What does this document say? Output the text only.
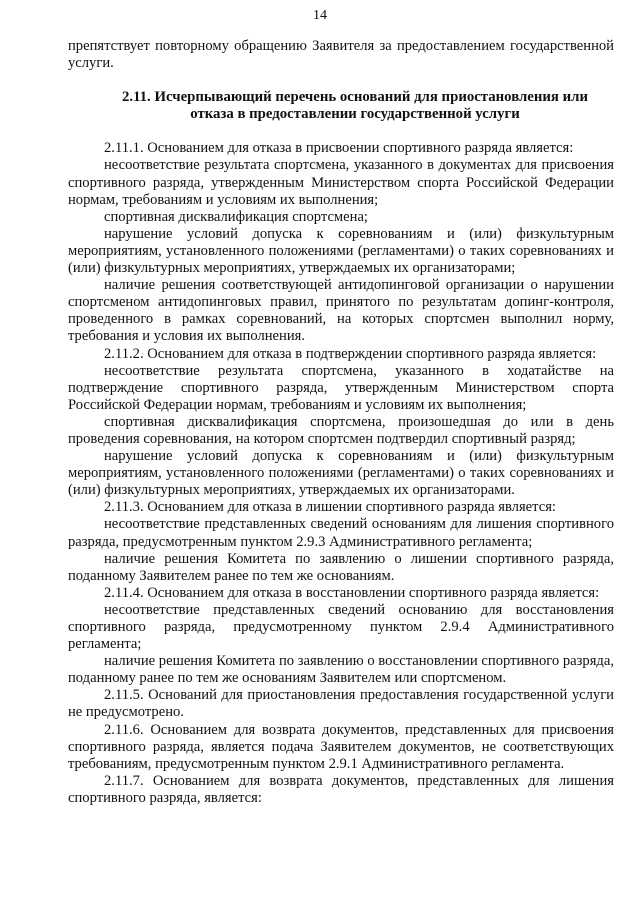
14

препятствует повторному обращению Заявителя за предоставлением государственной услуги.

2.11. Исчерпывающий перечень оснований для приостановления или отказа в предоставлении государственной услуги

2.11.1. Основанием для отказа в присвоении спортивного разряда является:

несоответствие результата спортсмена, указанного в документах для присвоения спортивного разряда, утвержденным Министерством спорта Российской Федерации нормам, требованиям и условиям их выполнения;

спортивная дисквалификация спортсмена;

нарушение условий допуска к соревнованиям и (или) физкультурным мероприятиям, установленного положениями (регламентами) о таких соревнованиях и (или) физкультурных мероприятиях, утверждаемых их организаторами;

наличие решения соответствующей антидопинговой организации о нарушении спортсменом антидопинговых правил, принятого по результатам допинг-контроля, проведенного в рамках соревнований, на которых спортсмен выполнил норму, требования и условия их выполнения.

2.11.2. Основанием для отказа в подтверждении спортивного разряда является:

несоответствие результата спортсмена, указанного в ходатайстве на подтверждение спортивного разряда, утвержденным Министерством спорта Российской Федерации нормам, требованиям и условиям их выполнения;

спортивная дисквалификация спортсмена, произошедшая до или в день проведения соревнования, на котором спортсмен подтвердил спортивный разряд;

нарушение условий допуска к соревнованиям и (или) физкультурным мероприятиям, установленного положениями (регламентами) о таких соревнованиях и (или) физкультурных мероприятиях, утверждаемых их организаторами.

2.11.3. Основанием для отказа в лишении спортивного разряда является:

несоответствие представленных сведений основаниям для лишения спортивного разряда, предусмотренным пунктом 2.9.3 Административного регламента;

наличие решения Комитета по заявлению о лишении спортивного разряда, поданному Заявителем ранее по тем же основаниям.

2.11.4. Основанием для отказа в восстановлении спортивного разряда является:

несоответствие представленных сведений основанию для восстановления спортивного разряда, предусмотренному пунктом 2.9.4 Административного регламента;

наличие решения Комитета по заявлению о восстановлении спортивного разряда, поданному ранее по тем же основаниям Заявителем или спортсменом.

2.11.5. Оснований для приостановления предоставления государственной услуги не предусмотрено.

2.11.6. Основанием для возврата документов, представленных для присвоения спортивного разряда, является подача Заявителем документов, не соответствующих требованиям, предусмотренным пунктом 2.9.1 Административного регламента.

2.11.7. Основанием для возврата документов, представленных для лишения спортивного разряда, является:
